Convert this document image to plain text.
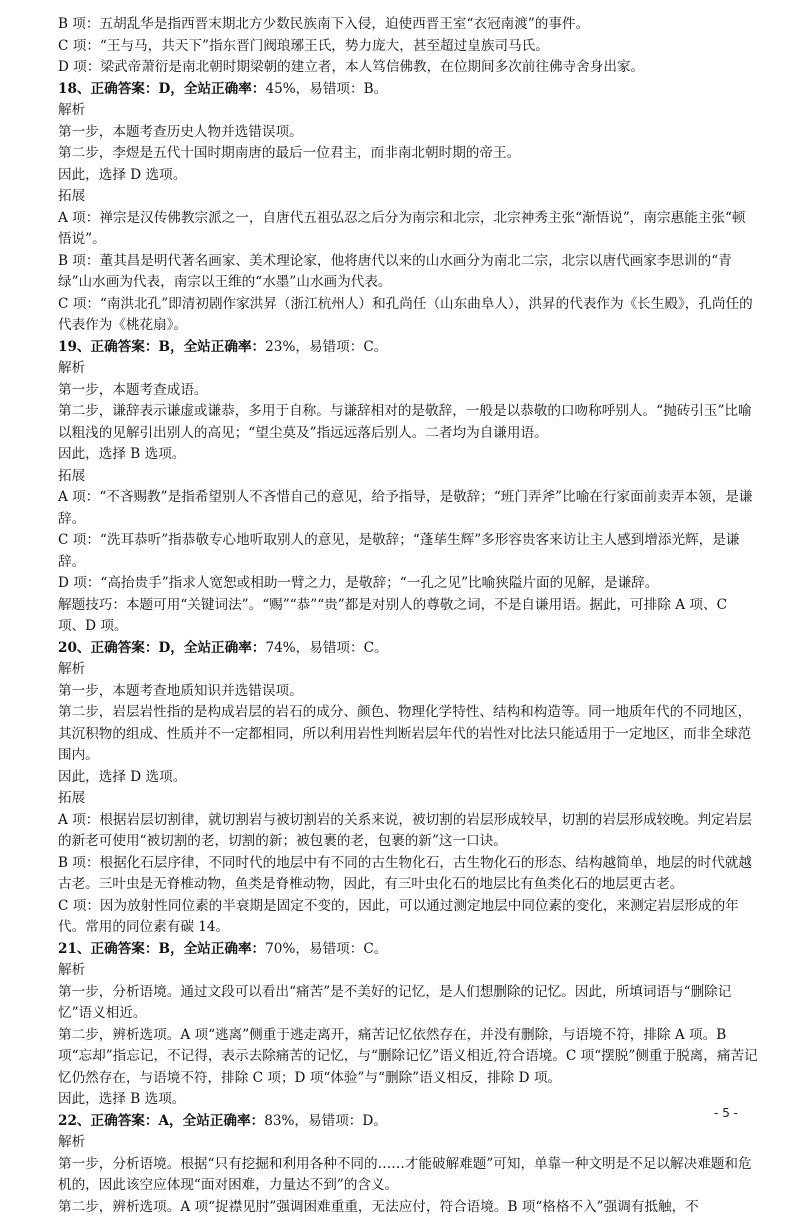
B 项：五胡乱华是指西晋末期北方少数民族南下入侵，迫使西晋王室“衣冠南渡”的事件。

C 项：“王与马，共天下”指东晋门阀琅琊王氏，势力庞大，甚至超过皇族司马氏。

D 项：梁武帝萧衍是南北朝时期梁朝的建立者，本人笃信佛教，在位期间多次前往佛寺舍身出家。

18、正确答案：D，全站正确率：45%，易错项：B。

解析

第一步，本题考查历史人物并选错误项。

第二步，李煜是五代十国时期南唐的最后一位君主，而非南北朝时期的帝王。

因此，选择 D 选项。

拓展

A 项：禅宗是汉传佛教宗派之一，自唐代五祖弘忍之后分为南宗和北宗，北宗神秀主张“渐悟说”，南宗惠能主张“顿悟说”。

B 项：董其昌是明代著名画家、美术理论家，他将唐代以来的山水画分为南北二宗，北宗以唐代画家李思训的“青绿”山水画为代表，南宗以王维的“水墨”山水画为代表。

C 项：“南洪北孔”即清初剧作家洪昇（浙江杭州人）和孔尚任（山东曲阜人），洪昇的代表作为《长生殿》，孔尚任的代表作为《桃花扇》。

19、正确答案：B，全站正确率：23%，易错项：C。

解析

第一步，本题考查成语。

第二步，谦辞表示谦虚或谦恭，多用于自称。与谦辞相对的是敬辞，一般是以恭敬的口吻称呼别人。“抛砖引玉”比喻以粗浅的见解引出别人的高见；“望尘莫及”指远远落后别人。二者均为自谦用语。

因此，选择 B 选项。

拓展

A 项：“不吝赐教”是指希望别人不吝惜自己的意见，给予指导，是敬辞；“班门弄斧”比喻在行家面前卖弄本领，是谦辞。

C 项：“洗耳恭听”指恭敬专心地听取别人的意见，是敬辞；“蓬荜生辉”多形容贵客来访让主人感到增添光辉，是谦辞。

D 项：“高抬贵手”指求人宽恕或相助一臂之力，是敬辞；“一孔之见”比喻狭隘片面的见解，是谦辞。

解题技巧：本题可用“关键词法”。“赐”“恭”“贵”都是对别人的尊敬之词，不是自谦用语。据此，可排除 A 项、C 项、D 项。

20、正确答案：D，全站正确率：74%，易错项：C。

解析

第一步，本题考查地质知识并选错误项。

第二步，岩层岩性指的是构成岩层的岩石的成分、颜色、物理化学特性、结构和构造等。同一地质年代的不同地区，其沉积物的组成、性质并不一定都相同，所以利用岩性判断岩层年代的岩性对比法只能适用于一定地区，而非全球范围内。

因此，选择 D 选项。

拓展

A 项：根据岩层切割律，就切割岩与被切割岩的关系来说，被切割的岩层形成较早，切割的岩层形成较晚。判定岩层的新老可使用“被切割的老，切割的新；被包裹的老，包裹的新”这一口诀。

B 项：根据化石层序律，不同时代的地层中有不同的古生物化石，古生物化石的形态、结构越简单，地层的时代就越古老。三叶虫是无脊椎动物，鱼类是脊椎动物，因此，有三叶虫化石的地层比有鱼类化石的地层更古老。

C 项：因为放射性同位素的半衰期是固定不变的，因此，可以通过测定地层中同位素的变化，来测定岩层形成的年代。常用的同位素有碳 14。

21、正确答案：B，全站正确率：70%，易错项：C。

解析

第一步，分析语境。通过文段可以看出“痛苦”是不美好的记忆，是人们想删除的记忆。因此，所填词语与“删除记忆”语义相近。

第二步，辨析选项。A 项“逃离”侧重于逃走离开，痛苦记忆依然存在，并没有删除，与语境不符，排除 A 项。B 项“忘却”指忘记，不记得，表示去除痛苦的记忆，与“删除记忆”语义相近,符合语境。C 项“摆脱”侧重于脱离，痛苦记忆仍然存在，与语境不符，排除 C 项；D 项“体验”与“删除”语义相反，排除 D 项。

因此，选择 B 选项。

22、正确答案：A，全站正确率：83%，易错项：D。

解析

第一步，分析语境。根据“只有挖掘和利用各种不同的……才能破解难题”可知，单靠一种文明是不足以解决难题和危机的，因此该空应体现“面对困难，力量达不到”的含义。

第二步，辨析选项。A 项“捉襟见肘”强调困难重重，无法应付，符合语境。B 项“格格不入”强调有抵触，不

- 5 -
